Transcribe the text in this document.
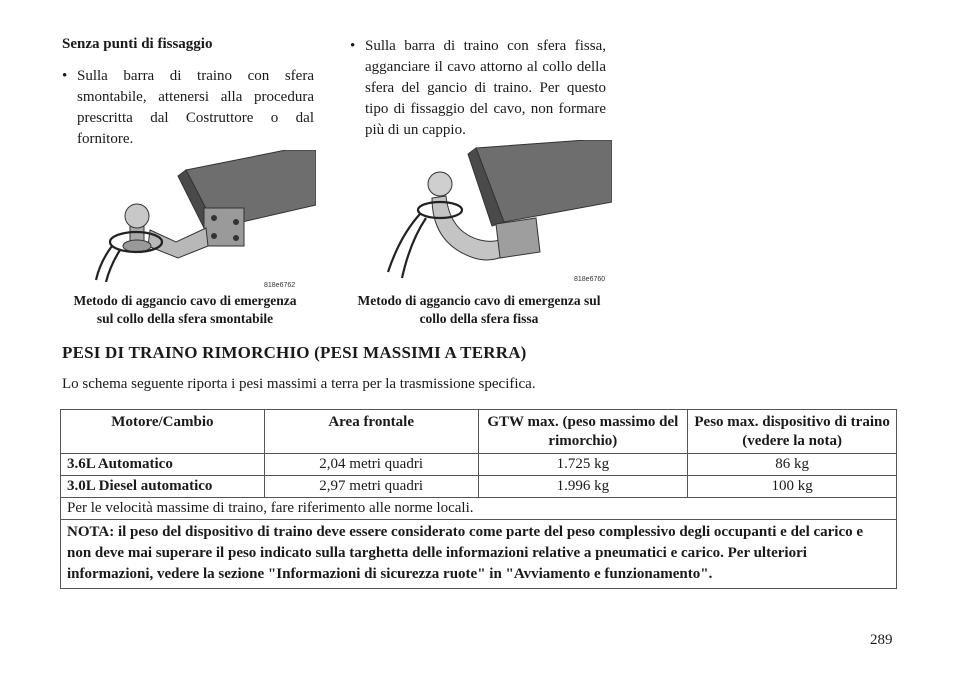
Senza punti di fissaggio
• Sulla barra di traino con sfera smontabile, attenersi alla procedura prescritta dal Costruttore o dal fornitore.
• Sulla barra di traino con sfera fissa, agganciare il cavo attorno al collo della sfera del gancio di traino. Per questo tipo di fissaggio del cavo, non formare più di un cappio.
818e6762
Metodo di aggancio cavo di emergenza sul collo della sfera smontabile
818e6760
Metodo di aggancio cavo di emergenza sul collo della sfera fissa
PESI DI TRAINO RIMORCHIO (PESI MASSIMI A TERRA)
Lo schema seguente riporta i pesi massimi a terra per la trasmissione specifica.
Motore/Cambio	Area frontale	GTW max. (peso massimo del rimorchio)	Peso max. dispositivo di traino (vedere la nota)
3.6L Automatico	2,04 metri quadri	1.725 kg	86 kg
3.0L Diesel automatico	2,97 metri quadri	1.996 kg	100 kg
Per le velocità massime di traino, fare riferimento alle norme locali.			
NOTA: il peso del dispositivo di traino deve essere considerato come parte del peso complessivo degli occupanti e del carico e non deve mai superare il peso indicato sulla targhetta delle informazioni relative a pneumatici e carico. Per ulteriori informazioni, vedere la sezione "Informazioni di sicurezza ruote" in "Avviamento e funzionamento".			
289
